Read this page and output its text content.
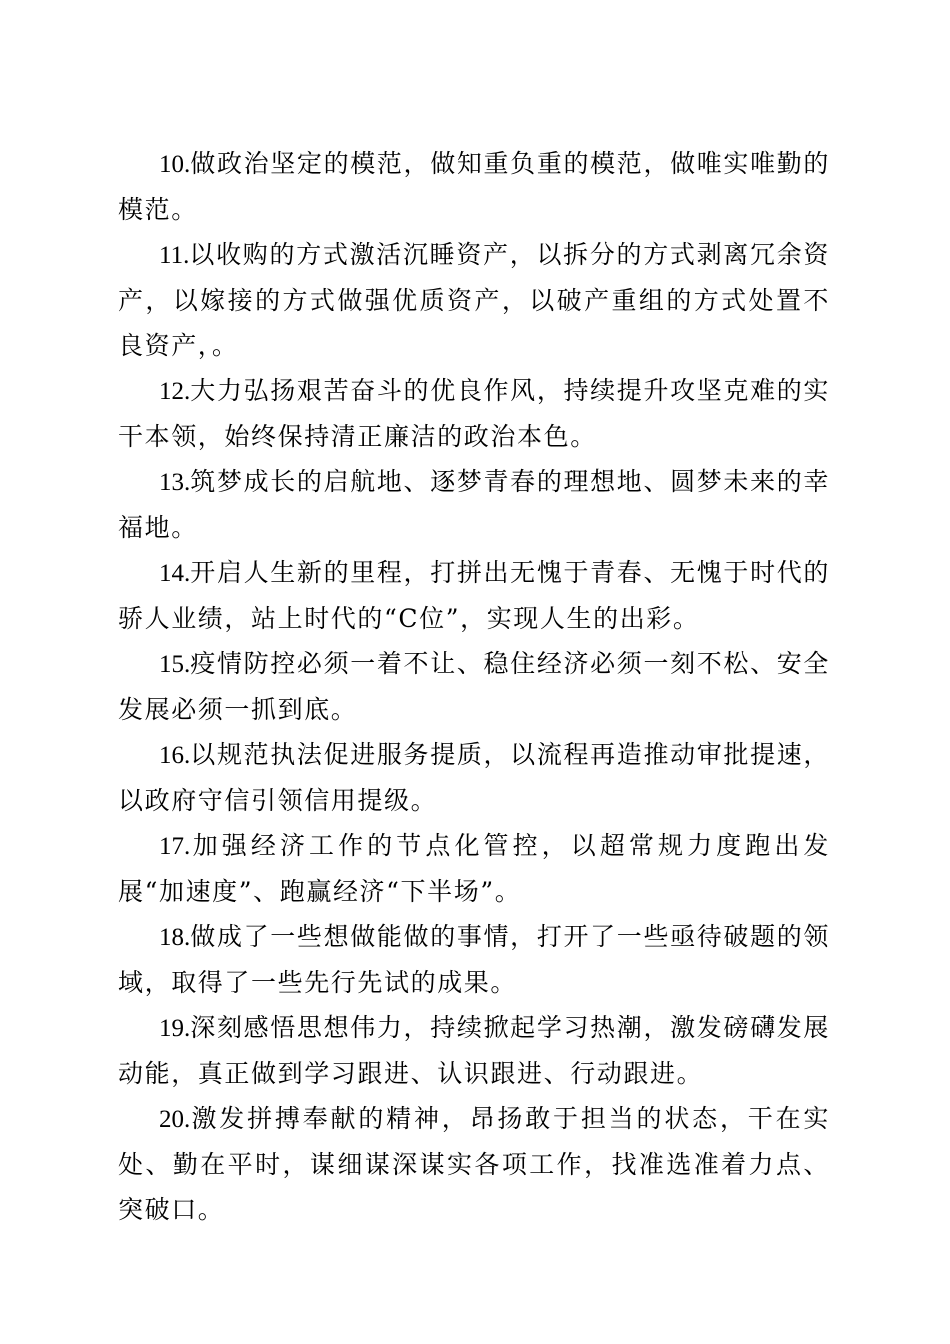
10.做政治坚定的模范，做知重负重的模范，做唯实唯勤的模范。

11.以收购的方式激活沉睡资产，以拆分的方式剥离冗余资产，以嫁接的方式做强优质资产，以破产重组的方式处置不良资产，。

12.大力弘扬艰苦奋斗的优良作风，持续提升攻坚克难的实干本领，始终保持清正廉洁的政治本色。

13.筑梦成长的启航地、逐梦青春的理想地、圆梦未来的幸福地。

14.开启人生新的里程，打拼出无愧于青春、无愧于时代的骄人业绩，站上时代的“C位”，实现人生的出彩。

15.疫情防控必须一着不让、稳住经济必须一刻不松、安全发展必须一抓到底。

16.以规范执法促进服务提质，以流程再造推动审批提速，以政府守信引领信用提级。

17.加强经济工作的节点化管控，以超常规力度跑出发展“加速度”、跑赢经济“下半场”。

18.做成了一些想做能做的事情，打开了一些亟待破题的领域，取得了一些先行先试的成果。

19.深刻感悟思想伟力，持续掀起学习热潮，激发磅礴发展动能，真正做到学习跟进、认识跟进、行动跟进。

20.激发拼搏奉献的精神，昂扬敢于担当的状态，干在实处、勤在平时，谋细谋深谋实各项工作，找准选准着力点、突破口。
